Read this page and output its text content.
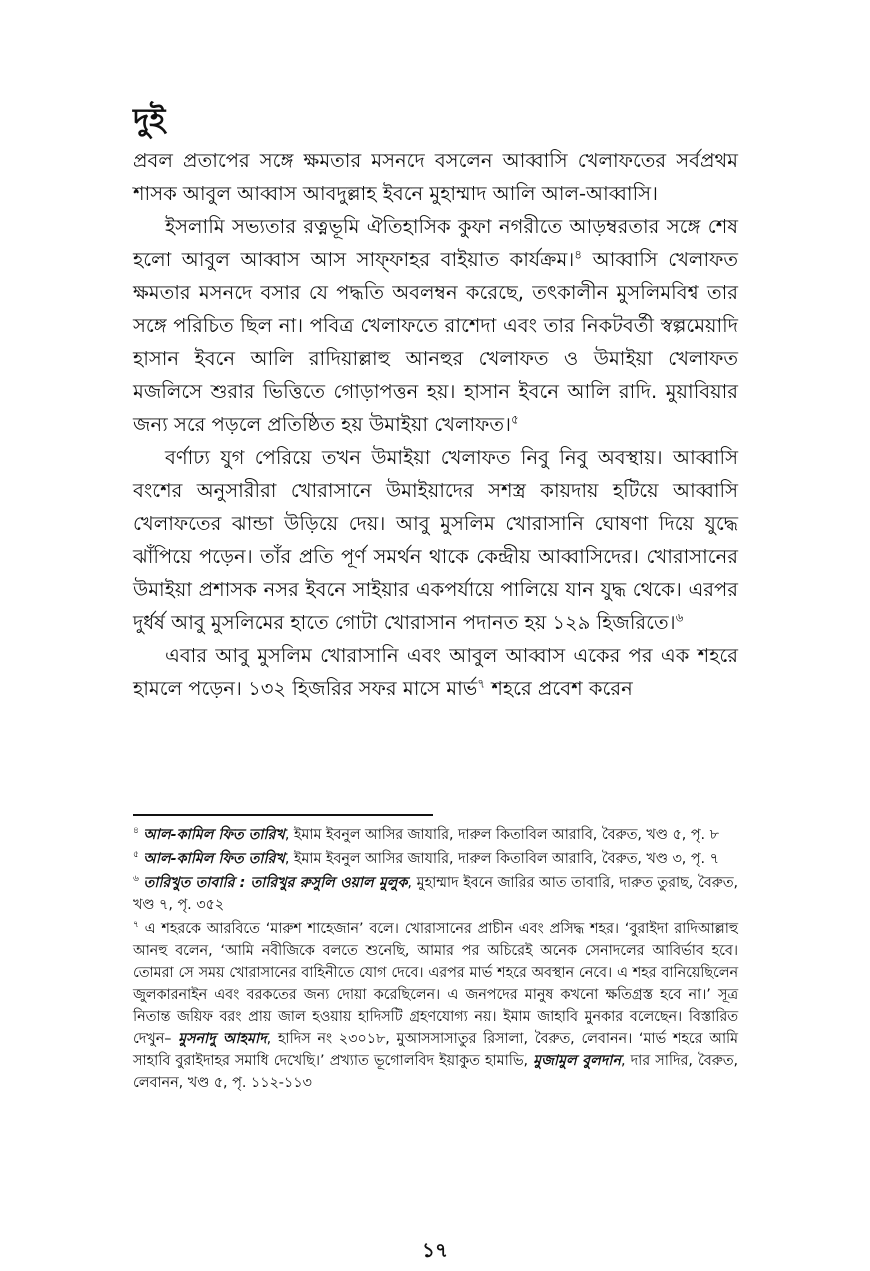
দুই

প্রবল প্রতাপের সঙ্গে ক্ষমতার মসনদে বসলেন আব্বাসি খেলাফতের সর্বপ্রথম শাসক আবুল আব্বাস আবদুল্লাহ ইবনে মুহাম্মাদ আলি আল-আব্বাসি।

ইসলামি সভ্যতার রত্নভূমি ঐতিহাসিক কুফা নগরীতে আড়ম্বরতার সঙ্গে শেষ হলো আবুল আব্বাস আস সাফ্‌ফাহর বাইয়াত কার্যক্রম।$^৪$ আব্বাসি খেলাফত ক্ষমতার মসনদে বসার যে পদ্ধতি অবলম্বন করেছে, তৎকালীন মুসলিমবিশ্ব তার সঙ্গে পরিচিত ছিল না। পবিত্র খেলাফতে রাশেদা এবং তার নিকটবর্তী স্বল্পমেয়াদি হাসান ইবনে আলি রাদিয়াল্লাহু আনহুর খেলাফত ও উমাইয়া খেলাফত মজলিসে শুরার ভিত্তিতে গোড়াপত্তন হয়। হাসান ইবনে আলি রাদি. মুয়াবিয়ার জন্য সরে পড়লে প্রতিষ্ঠিত হয় উমাইয়া খেলাফত।$^৫$

বর্ণাঢ্য যুগ পেরিয়ে তখন উমাইয়া খেলাফত নিবু নিবু অবস্থায়। আব্বাসি বংশের অনুসারীরা খোরাসানে উমাইয়াদের সশস্ত্র কায়দায় হটিয়ে আব্বাসি খেলাফতের ঝান্ডা উড়িয়ে দেয়। আবু মুসলিম খোরাসানি ঘোষণা দিয়ে যুদ্ধে ঝাঁপিয়ে পড়েন। তাঁর প্রতি পূর্ণ সমর্থন থাকে কেন্দ্রীয় আব্বাসিদের। খোরাসানের উমাইয়া প্রশাসক নসর ইবনে সাইয়ার একপর্যায়ে পালিয়ে যান যুদ্ধ থেকে। এরপর দুর্ধর্ষ আবু মুসলিমের হাতে গোটা খোরাসান পদানত হয় ১২৯ হিজরিতে।$^৬$

এবার আবু মুসলিম খোরাসানি এবং আবুল আব্বাস একের পর এক শহরে হামলে পড়েন। ১৩২ হিজরির সফর মাসে মার্ভ$^৭$ শহরে প্রবেশ করেন

$^৪$ আল-কামিল ফিত তারিখ, ইমাম ইবনুল আসির জাযারি, দারুল কিতাবিল আরাবি, বৈরুত, খণ্ড ৫, পৃ. ৮

$^৫$ আল-কামিল ফিত তারিখ, ইমাম ইবনুল আসির জাযারি, দারুল কিতাবিল আরাবি, বৈরুত, খণ্ড ৩, পৃ. ৭

$^৬$ তারিখুত তাবারি : তারিখুর রুসুলি ওয়াল মুলুক, মুহাম্মাদ ইবনে জারির আত তাবারি, দারুত তুরাছ, বৈরুত, খণ্ড ৭, পৃ. ৩৫২

$^৭$ এ শহরকে আরবিতে ‘মারুশ শাহেজান’ বলে। খোরাসানের প্রাচীন এবং প্রসিদ্ধ শহর। ‘বুরাইদা রাদিআল্লাহু আনহু বলেন, ‘আমি নবীজিকে বলতে শুনেছি, আমার পর অচিরেই অনেক সেনাদলের আবির্ভাব হবে। তোমরা সে সময় খোরাসানের বাহিনীতে যোগ দেবে। এরপর মার্ভ শহরে অবস্থান নেবে। এ শহর বানিয়েছিলেন জুলকারনাইন এবং বরকতের জন্য দোয়া করেছিলেন। এ জনপদের মানুষ কখনো ক্ষতিগ্রস্ত হবে না।’ সূত্র নিতান্ত জয়িফ বরং প্রায় জাল হওয়ায় হাদিসটি গ্রহণযোগ্য নয়। ইমাম জাহাবি মুনকার বলেছেন। বিস্তারিত দেখুন– মুসনাদু আহমাদ, হাদিস নং ২৩০১৮, মুআসসাসাতুর রিসালা, বৈরুত, লেবানন। ‘মার্ভ শহরে আমি সাহাবি বুরাইদাহর সমাধি দেখেছি।’ প্রখ্যাত ভূগোলবিদ ইয়াকুত হামাভি, মুজামুল বুলদান, দার সাদির, বৈরুত, লেবানন, খণ্ড ৫, পৃ. ১১২-১১৩

১৭
